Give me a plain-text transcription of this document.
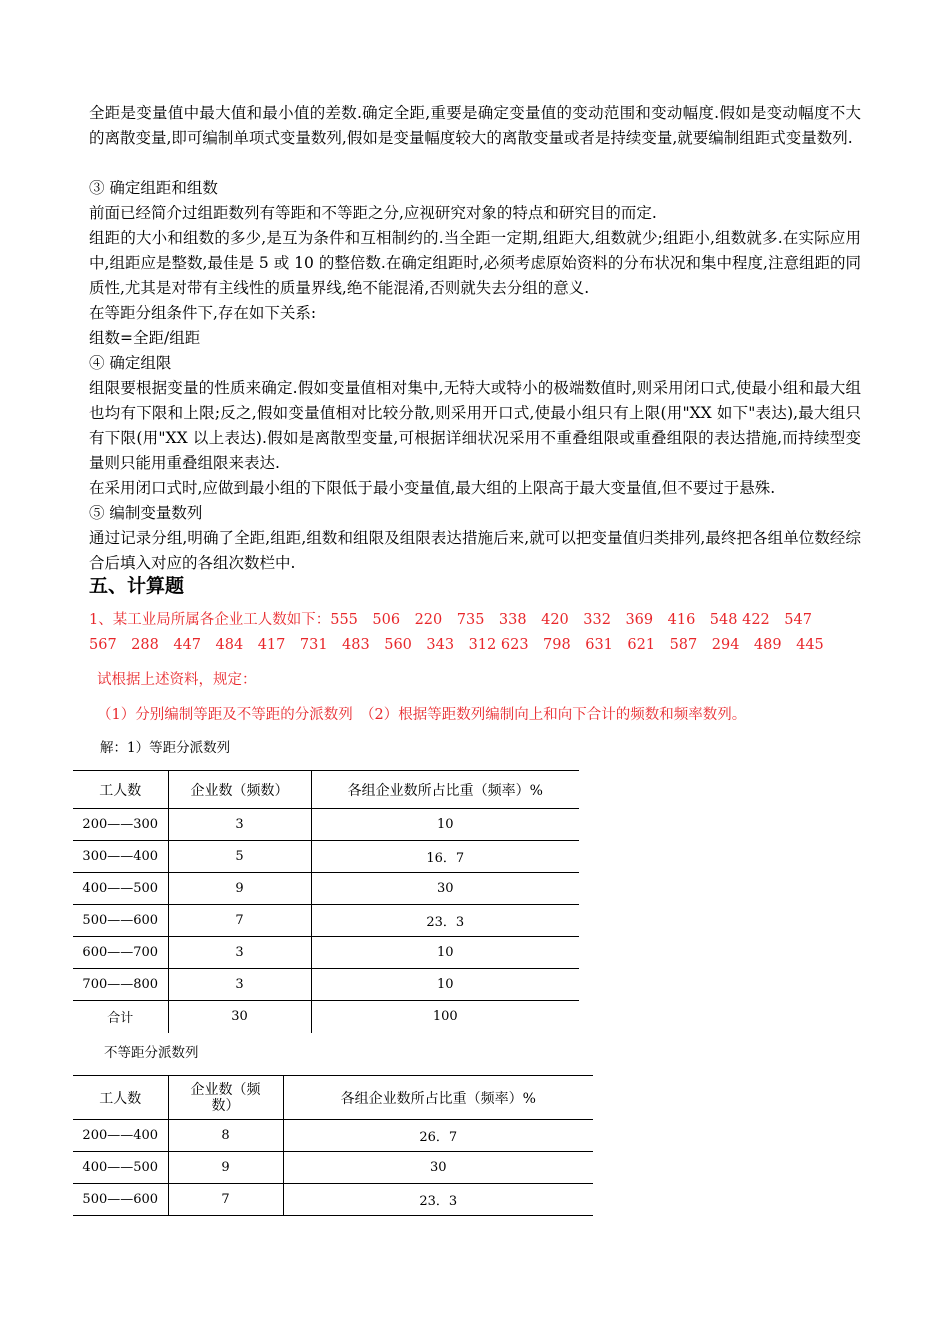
全距是变量值中最大值和最小值的差数.确定全距,重要是确定变量值的变动范围和变动幅度.假如是变动幅度不大的离散变量,即可编制单项式变量数列,假如是变量幅度较大的离散变量或者是持续变量,就要编制组距式变量数列.

③ 确定组距和组数

前面已经简介过组距数列有等距和不等距之分,应视研究对象的特点和研究目的而定.

组距的大小和组数的多少,是互为条件和互相制约的.当全距一定期,组距大,组数就少;组距小,组数就多.在实际应用中,组距应是整数,最佳是 5 或 10 的整倍数.在确定组距时,必须考虑原始资料的分布状况和集中程度,注意组距的同质性,尤其是对带有主线性的质量界线,绝不能混淆,否则就失去分组的意义.

在等距分组条件下,存在如下关系:

组数=全距/组距

④ 确定组限

组限要根据变量的性质来确定.假如变量值相对集中,无特大或特小的极端数值时,则采用闭口式,使最小组和最大组也均有下限和上限;反之,假如变量值相对比较分散,则采用开口式,使最小组只有上限(用"XX 如下"表达),最大组只有下限(用"XX 以上表达).假如是离散型变量,可根据详细状况采用不重叠组限或重叠组限的表达措施,而持续型变量则只能用重叠组限来表达.

在采用闭口式时,应做到最小组的下限低于最小变量值,最大组的上限高于最大变量值,但不要过于悬殊.

⑤ 编制变量数列

通过记录分组,明确了全距,组距,组数和组限及组限表达措施后来,就可以把变量值归类排列,最终把各组单位数经综合后填入对应的各组次数栏中.

五、计算题

1、某工业局所属各企业工人数如下：555　506　220　735　338　420　332　369　416　548 422　547

567　288　447　484　417　731　483　560　343　312 623　798　631　621　587　294　489　445

试根据上述资料，规定：

（1）分别编制等距及不等距的分派数列　（2）根据等距数列编制向上和向下合计的频数和频率数列。

解：1）等距分派数列
工人数	企业数（频数）	各组企业数所占比重（频率）%
200——300	3	10
300——400	5	16．7
400——500	9	30
500——600	7	23．3
600——700	3	10
700——800	3	10
合计	30	100
不等距分派数列
工人数	企业数（频数）	各组企业数所占比重（频率）%
200——400	8	26．7
400——500	9	30
500——600	7	23．3
